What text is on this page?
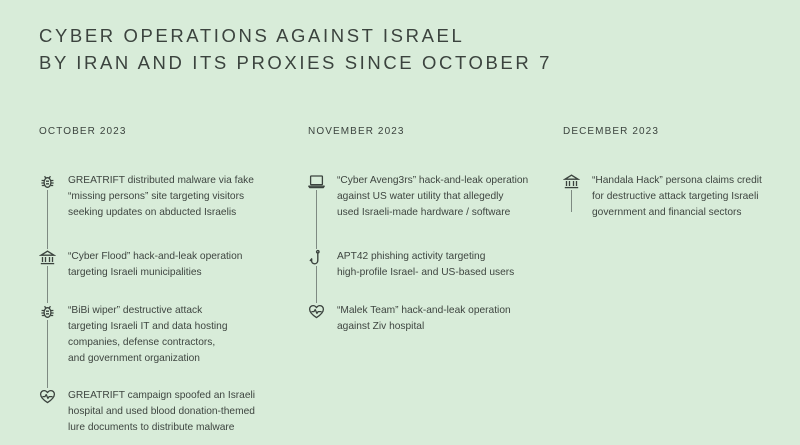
CYBER OPERATIONS AGAINST ISRAEL
BY IRAN AND ITS PROXIES SINCE OCTOBER 7
OCTOBER 2023
GREATRIFT distributed malware via fake
“missing persons” site targeting visitors
seeking updates on abducted Israelis
“Cyber Flood” hack-and-leak operation
targeting Israeli municipalities
“BiBi wiper” destructive attack
targeting Israeli IT and data hosting
companies, defense contractors,
and government organization
GREATRIFT campaign spoofed an Israeli
hospital and used blood donation-themed
lure documents to distribute malware
NOVEMBER 2023
“Cyber Aveng3rs” hack-and-leak operation
against US water utility that allegedly
used Israeli-made hardware / software
APT42 phishing activity targeting
high-profile Israel- and US-based users
“Malek Team” hack-and-leak operation
against Ziv hospital
DECEMBER 2023
“Handala Hack” persona claims credit
for destructive attack targeting Israeli
government and financial sectors
